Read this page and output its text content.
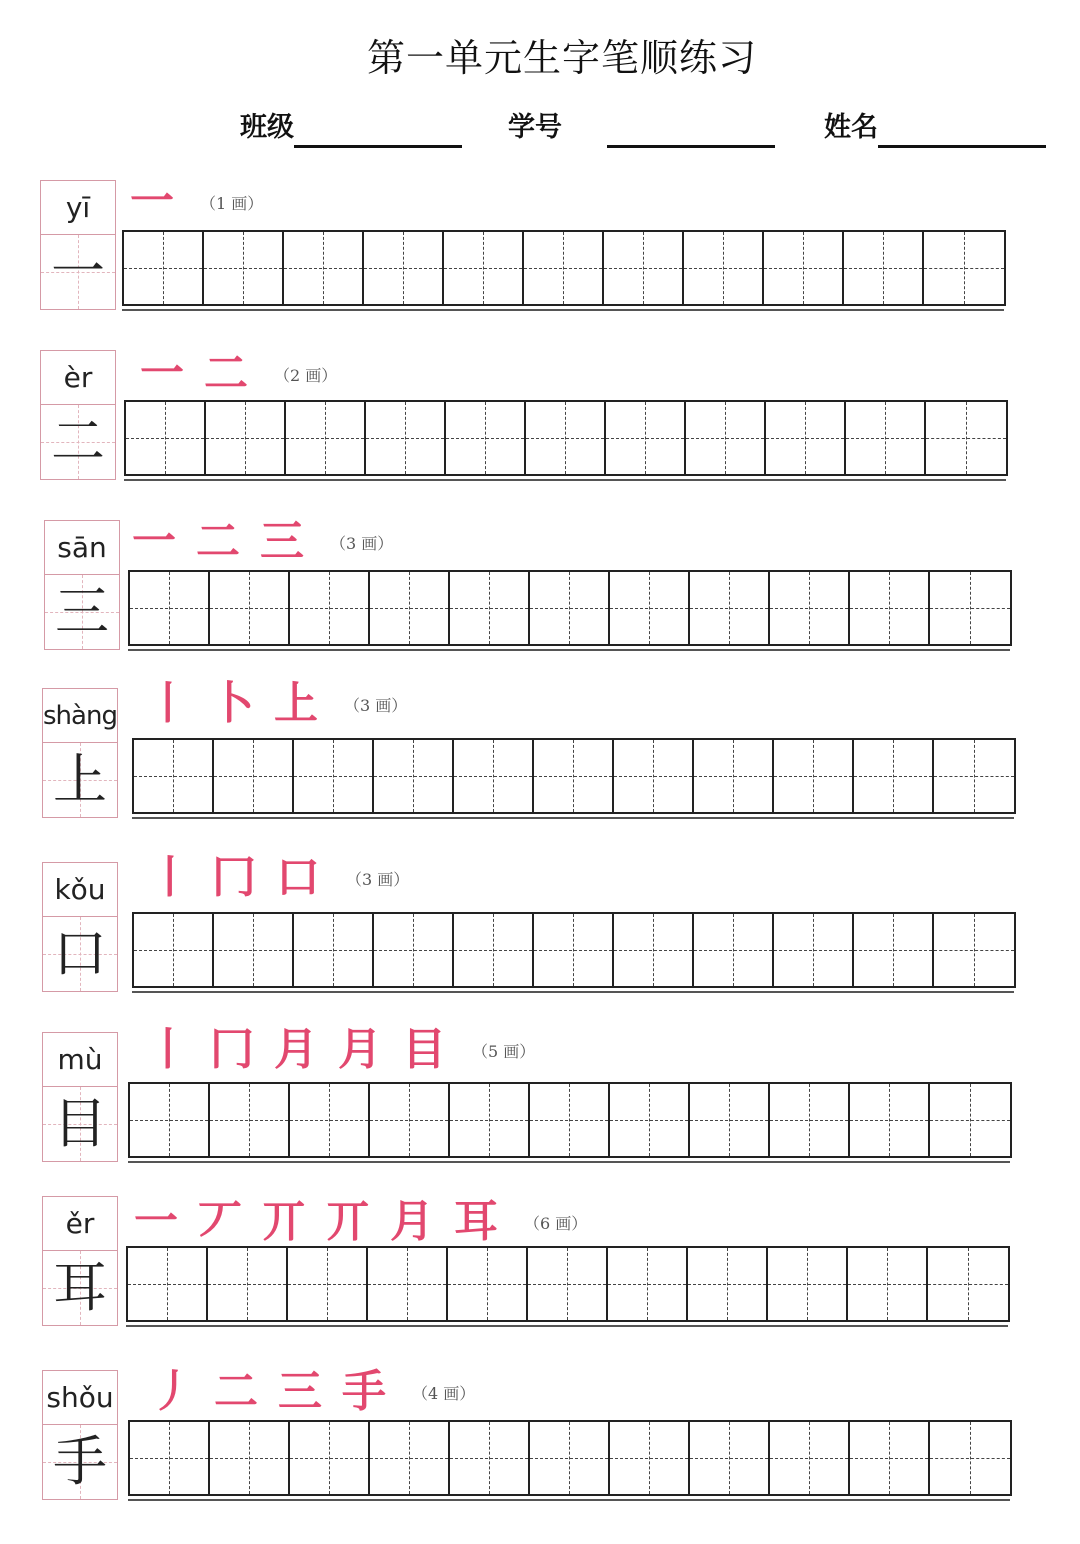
第一单元生字笔顺练习
班级	学号	姓名
yī
一
一 （1 画）
èr
二
一 二 （2 画）
sān
三
一 二 三 （3 画）
shàng
上
丨 卜 上 （3 画）
kǒu
口
丨 冂 口 （3 画）
mù
目
丨 冂 月 月 目 （5 画）
ěr
耳
一 丆 丌 丌 月 耳 （6 画）
shǒu
手
丿 二 三 手 （4 画）
